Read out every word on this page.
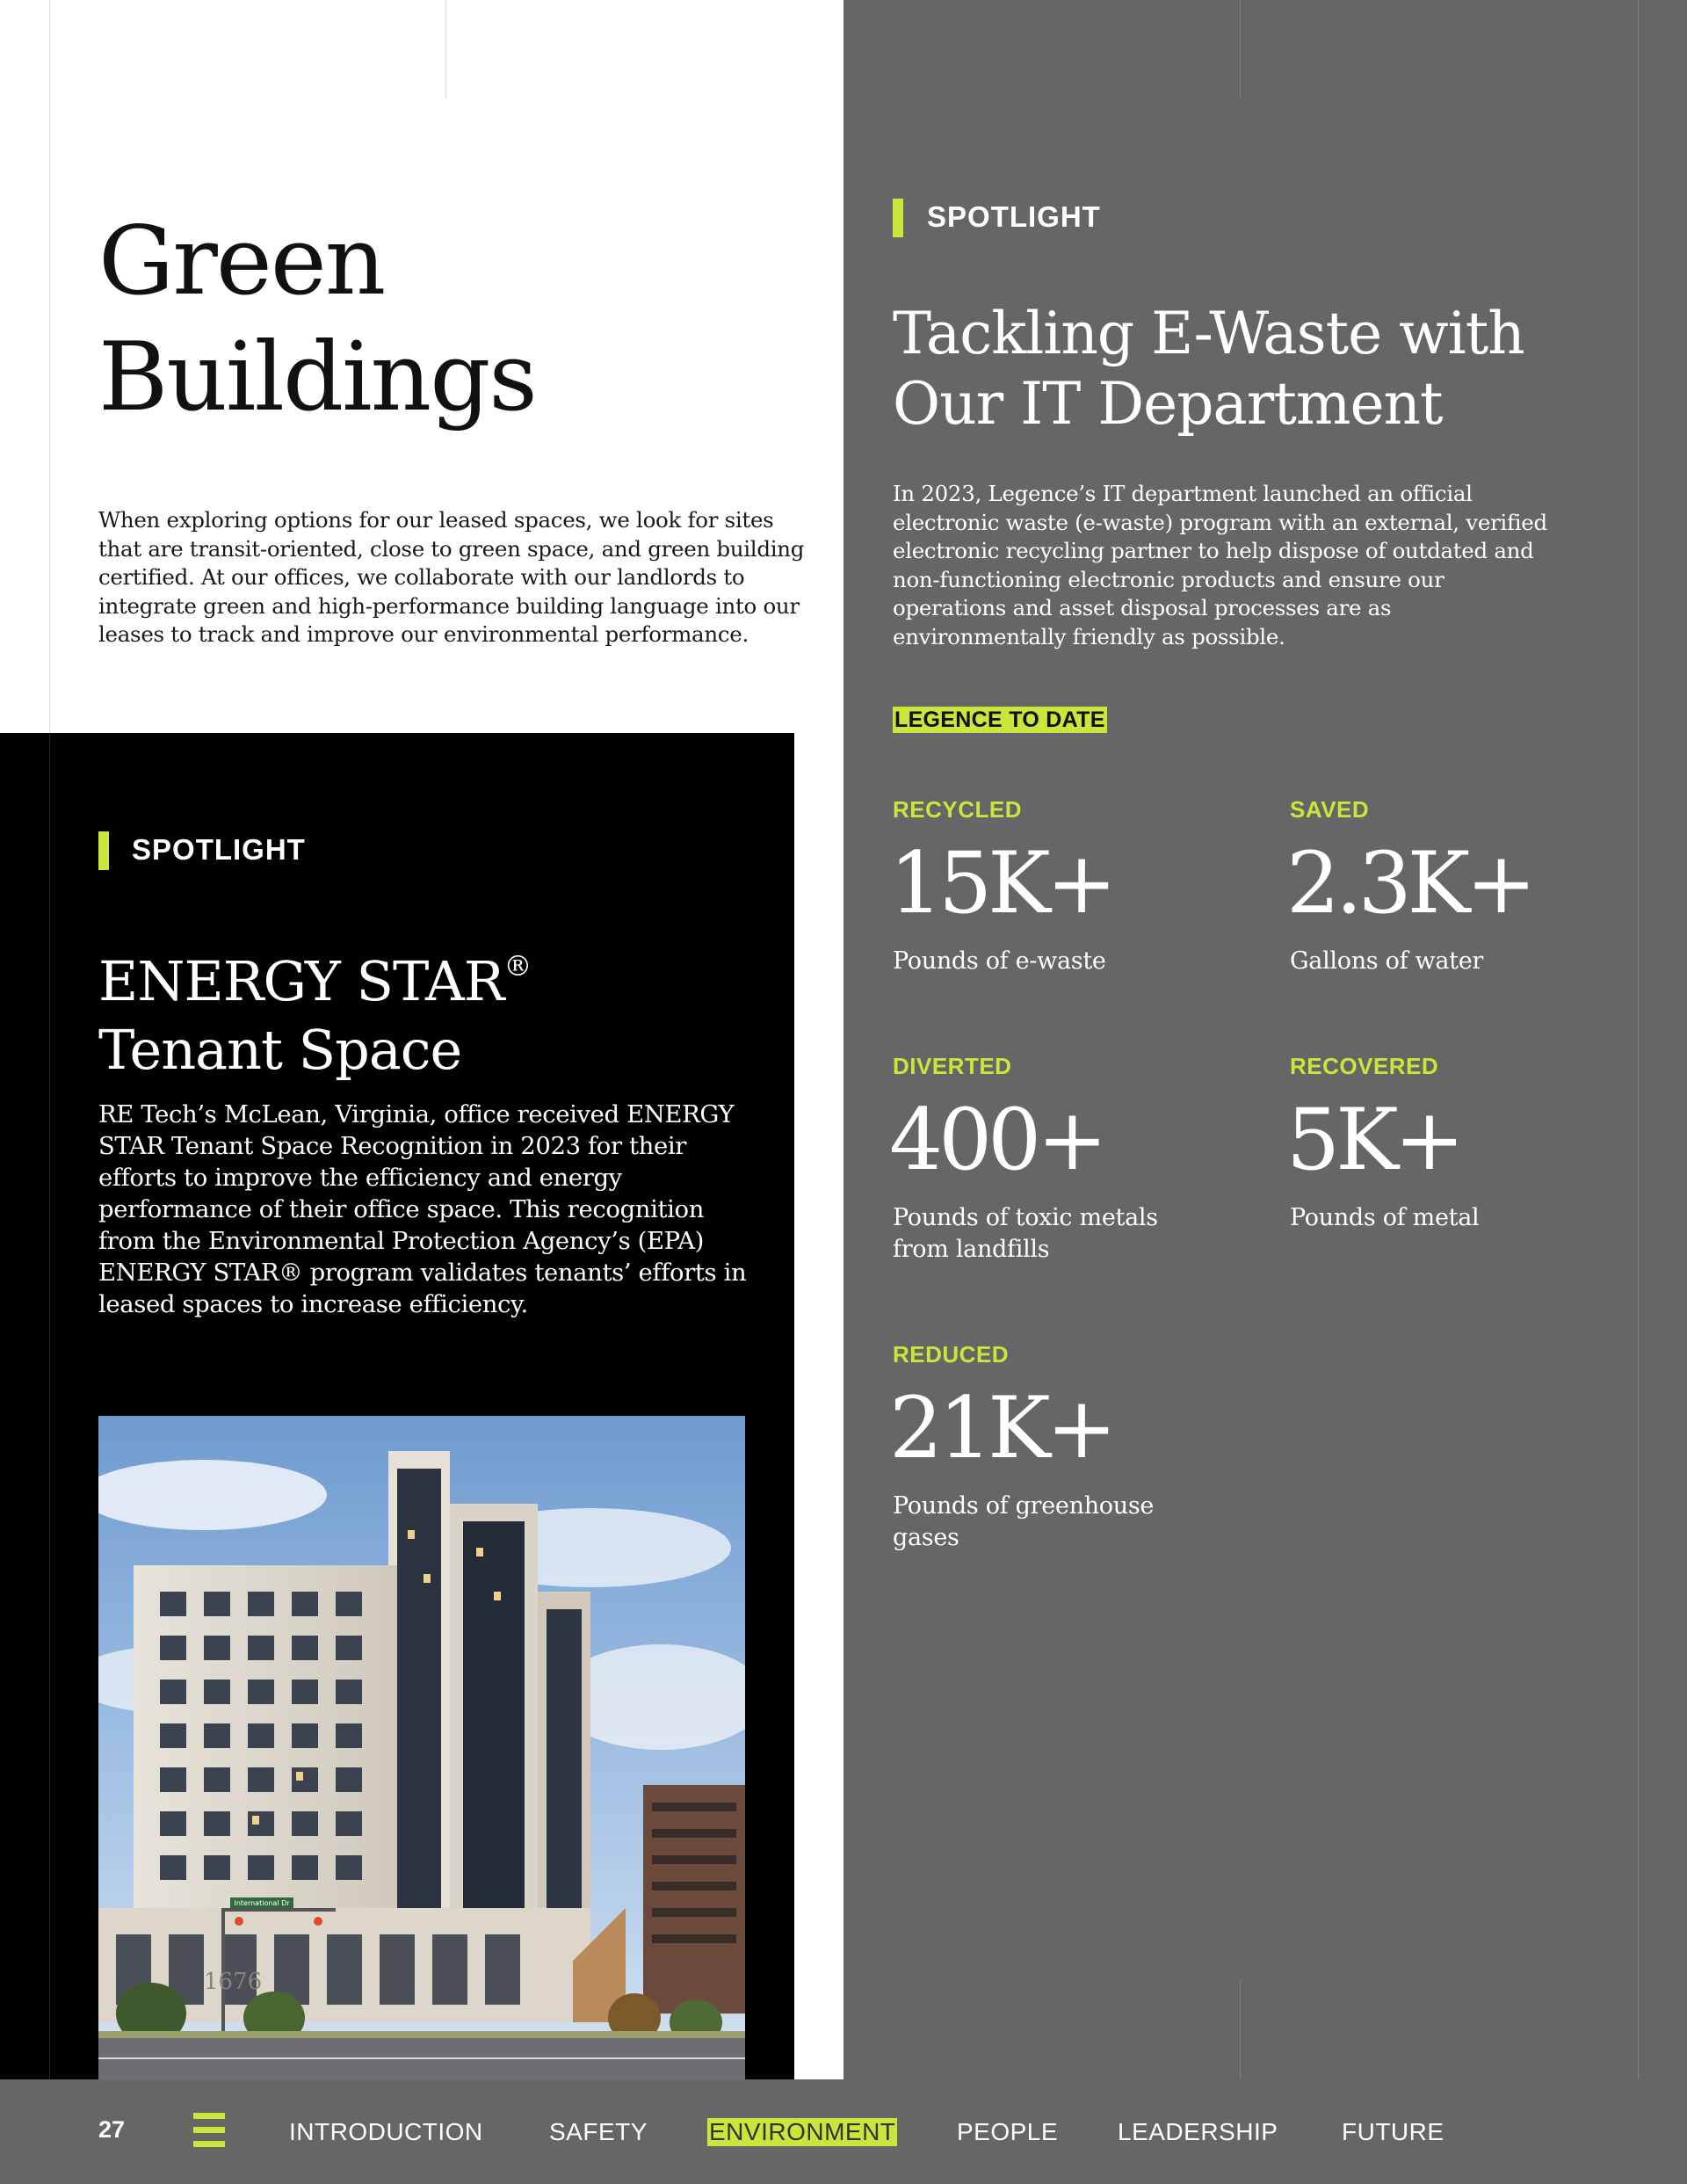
Green
Buildings
When exploring options for our leased spaces, we look for sites that are transit-oriented, close to green space, and green building certified. At our offices, we collaborate with our landlords to integrate green and high-performance building language into our leases to track and improve our environmental performance.
SPOTLIGHT
ENERGY STAR®
Tenant Space
RE Tech’s McLean, Virginia, office received ENERGY STAR Tenant Space Recognition in 2023 for their efforts to improve the efficiency and energy performance of their office space. This recognition from the Environmental Protection Agency’s (EPA) ENERGY STAR® program validates tenants’ efforts in leased spaces to increase efficiency.
International Dr
1676
SPOTLIGHT
Tackling E-Waste with
Our IT Department
In 2023, Legence’s IT department launched an official electronic waste (e-waste) program with an external, verified electronic recycling partner to help dispose of outdated and non-functioning electronic products and ensure our operations and asset disposal processes are as environmentally friendly as possible.
LEGENCE TO DATE
RECYCLED
15K+
Pounds of e-waste
SAVED
2.3K+
Gallons of water
DIVERTED
400+
Pounds of toxic metals from landfills
RECOVERED
5K+
Pounds of metal
REDUCED
21K+
Pounds of greenhouse gases
27	INTRODUCTION	SAFETY	ENVIRONMENT PEOPLE LEADERSHIP	FUTURE
